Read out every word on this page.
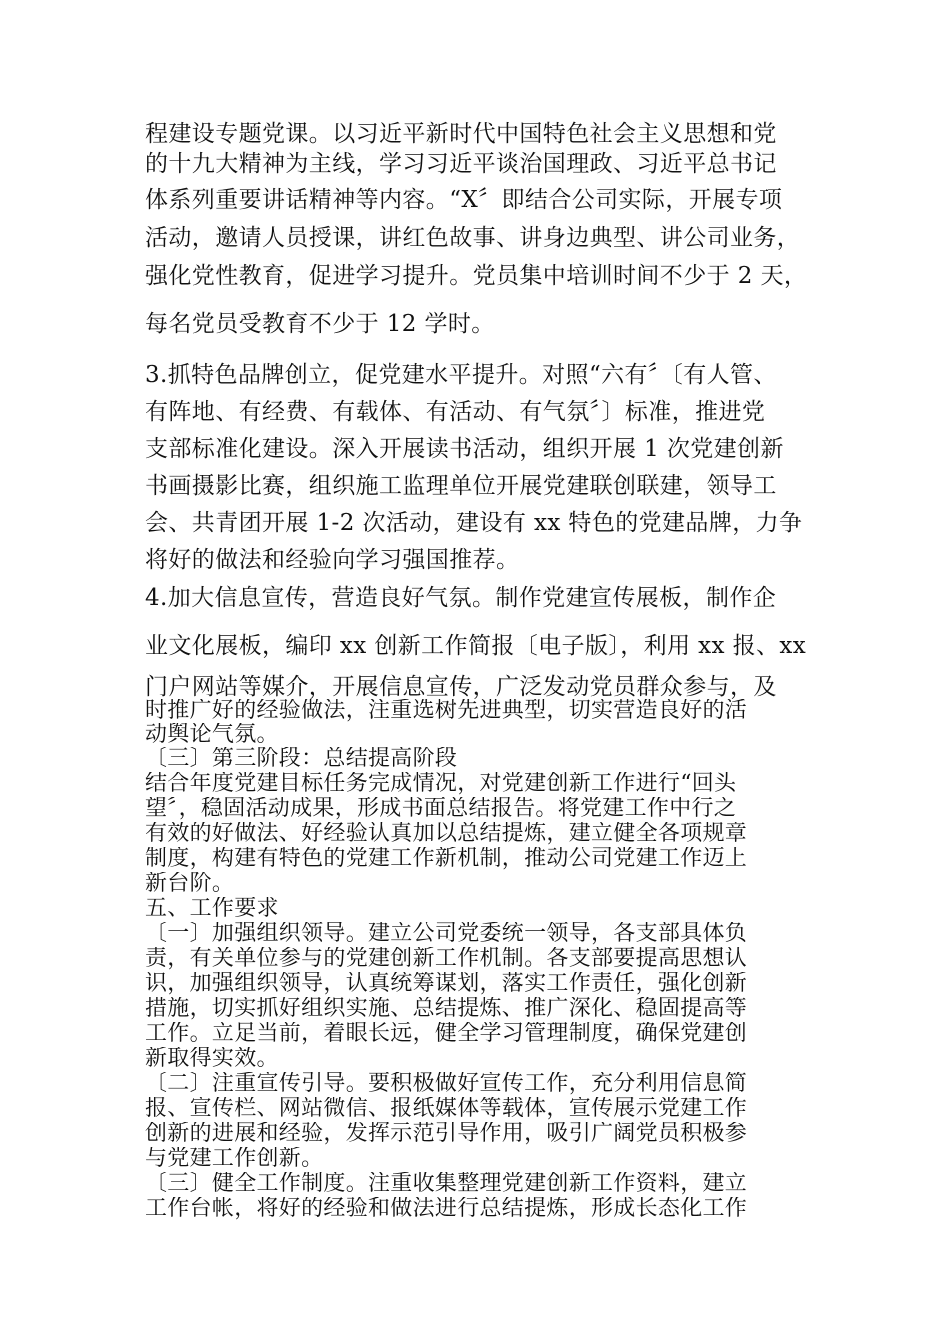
程建设专题党课。以习近平新时代中国特色社会主义思想和党

的十九大精神为主线，学习习近平谈治国理政、习近平总书记

体系列重要讲话精神等内容。“X〞即结合公司实际，开展专项

活动，邀请人员授课，讲红色故事、讲身边典型、讲公司业务，

强化党性教育，促进学习提升。党员集中培训时间不少于 2 天，

每名党员受教育不少于 12 学时。

3.抓特色品牌创立，促党建水平提升。对照“六有〞〔有人管、

有阵地、有经费、有载体、有活动、有气氛〞〕标准，推进党

支部标准化建设。深入开展读书活动，组织开展 1 次党建创新

书画摄影比赛，组织施工监理单位开展党建联创联建，领导工

会、共青团开展 1-2 次活动，建设有 xx 特色的党建品牌，力争

将好的做法和经验向学习强国推荐。

4.加大信息宣传，营造良好气氛。制作党建宣传展板，制作企

业文化展板，编印 xx 创新工作简报〔电子版〕，利用 xx 报、xx

门户网站等媒介，开展信息宣传，广泛发动党员群众参与，及

时推广好的经验做法，注重选树先进典型，切实营造良好的活

动舆论气氛。

〔三〕第三阶段：总结提高阶段

结合年度党建目标任务完成情况，对党建创新工作进行“回头

望〞，稳固活动成果，形成书面总结报告。将党建工作中行之

有效的好做法、好经验认真加以总结提炼，建立健全各项规章

制度，构建有特色的党建工作新机制，推动公司党建工作迈上

新台阶。

五、工作要求

〔一〕加强组织领导。建立公司党委统一领导，各支部具体负

责，有关单位参与的党建创新工作机制。各支部要提高思想认

识，加强组织领导，认真统筹谋划，落实工作责任，强化创新

措施，切实抓好组织实施、总结提炼、推广深化、稳固提高等

工作。立足当前，着眼长远，健全学习管理制度，确保党建创

新取得实效。

〔二〕注重宣传引导。要积极做好宣传工作，充分利用信息简

报、宣传栏、网站微信、报纸媒体等载体，宣传展示党建工作

创新的进展和经验，发挥示范引导作用，吸引广阔党员积极参

与党建工作创新。

〔三〕健全工作制度。注重收集整理党建创新工作资料，建立

工作台帐，将好的经验和做法进行总结提炼，形成长态化工作
